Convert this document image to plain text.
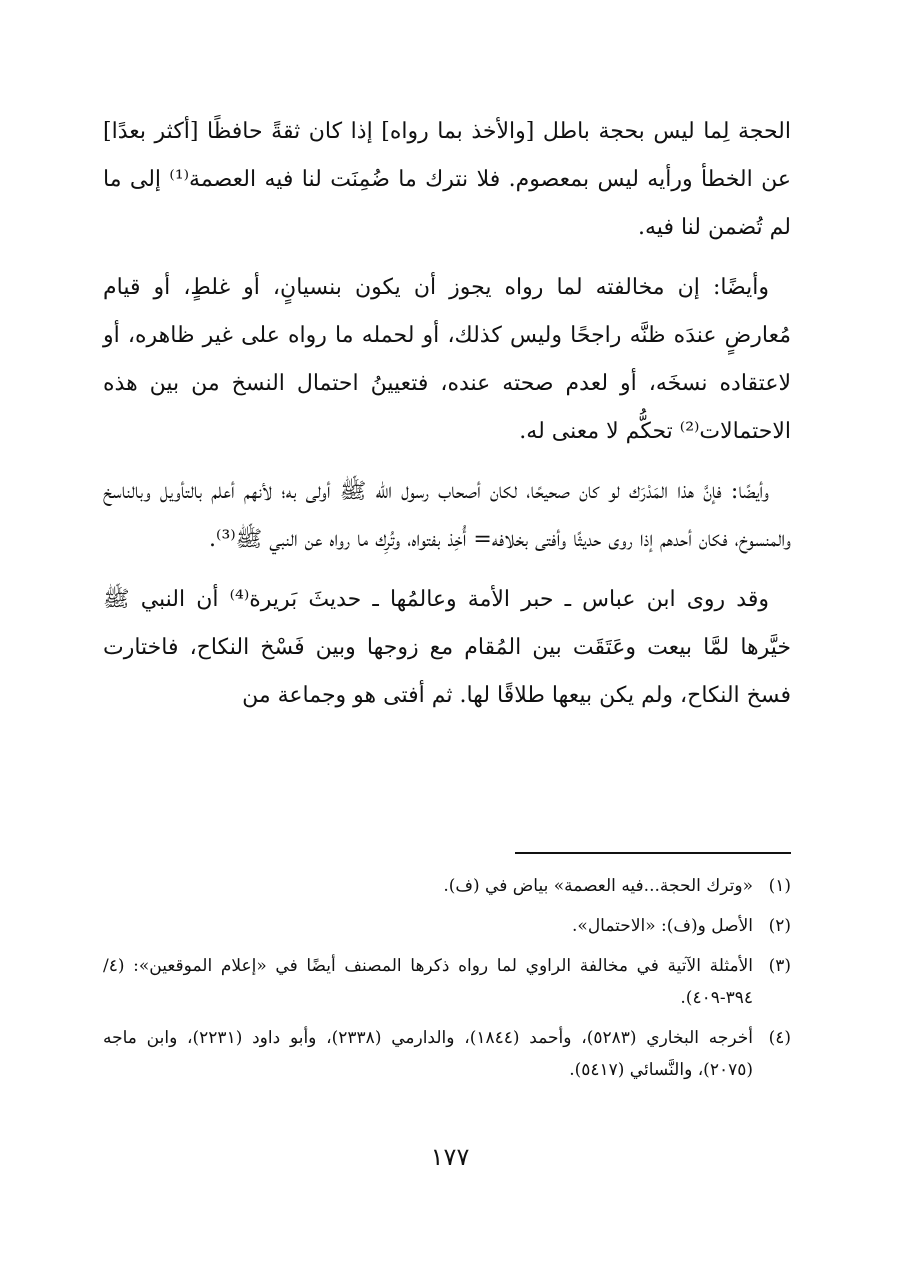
الحجة لِما ليس بحجة باطل [والأخذ بما رواه] إذا كان ثقةً حافظًا [أكثر بعدًا] عن الخطأ ورأيه ليس بمعصوم. فلا نترك ما ضُمِنَت لنا فيه العصمة⁽¹⁾ إلى ما لم تُضمن لنا فيه.

وأيضًا: إن مخالفته لما رواه يجوز أن يكون بنسيانٍ، أو غلطٍ، أو قيام مُعارضٍ عندَه ظنَّه راجحًا وليس كذلك، أو لحمله ما رواه على غير ظاهره، أو لاعتقاده نسخَه، أو لعدم صحته عنده، فتعيينُ احتمال النسخ من بين هذه الاحتمالات⁽²⁾ تحكُّم لا معنى له.

وأيضًا: فإنَّ هذا المَدْرَك لو كان صحيحًا، لكان أصحاب رسول الله ﷺ أولى به؛ لأنهم أعلم بالتأويل وبالناسخ والمنسوخ، فكان أحدهم إذا روى حديثًا وأفتى بخلافه= أُخِذ بفتواه، وتُرِك ما رواه عن النبي ﷺ⁽³⁾.

وقد روى ابن عباس ـ حبر الأمة وعالمُها ـ حديثَ بَريرة⁽⁴⁾ أن النبي ﷺ خيَّرها لمَّا بيعت وعَتَقَت بين المُقام مع زوجها وبين فَسْخ النكاح، فاختارت فسخ النكاح، ولم يكن بيعها طلاقًا لها. ثم أفتى هو وجماعة من

(١)
«وترك الحجة...فيه العصمة» بياض في (ف).
(٢)
الأصل و(ف): «الاحتمال».
(٣)
الأمثلة الآتية في مخالفة الراوي لما رواه ذكرها المصنف أيضًا في «إعلام الموقعين»: (٤/ ٣٩٤-٤٠٩).
(٤)
أخرجه البخاري (٥٢٨٣)، وأحمد (١٨٤٤)، والدارمي (٢٣٣٨)، وأبو داود (٢٢٣١)، وابن ماجه (٢٠٧٥)، والنَّسائي (٥٤١٧).
١٧٧
